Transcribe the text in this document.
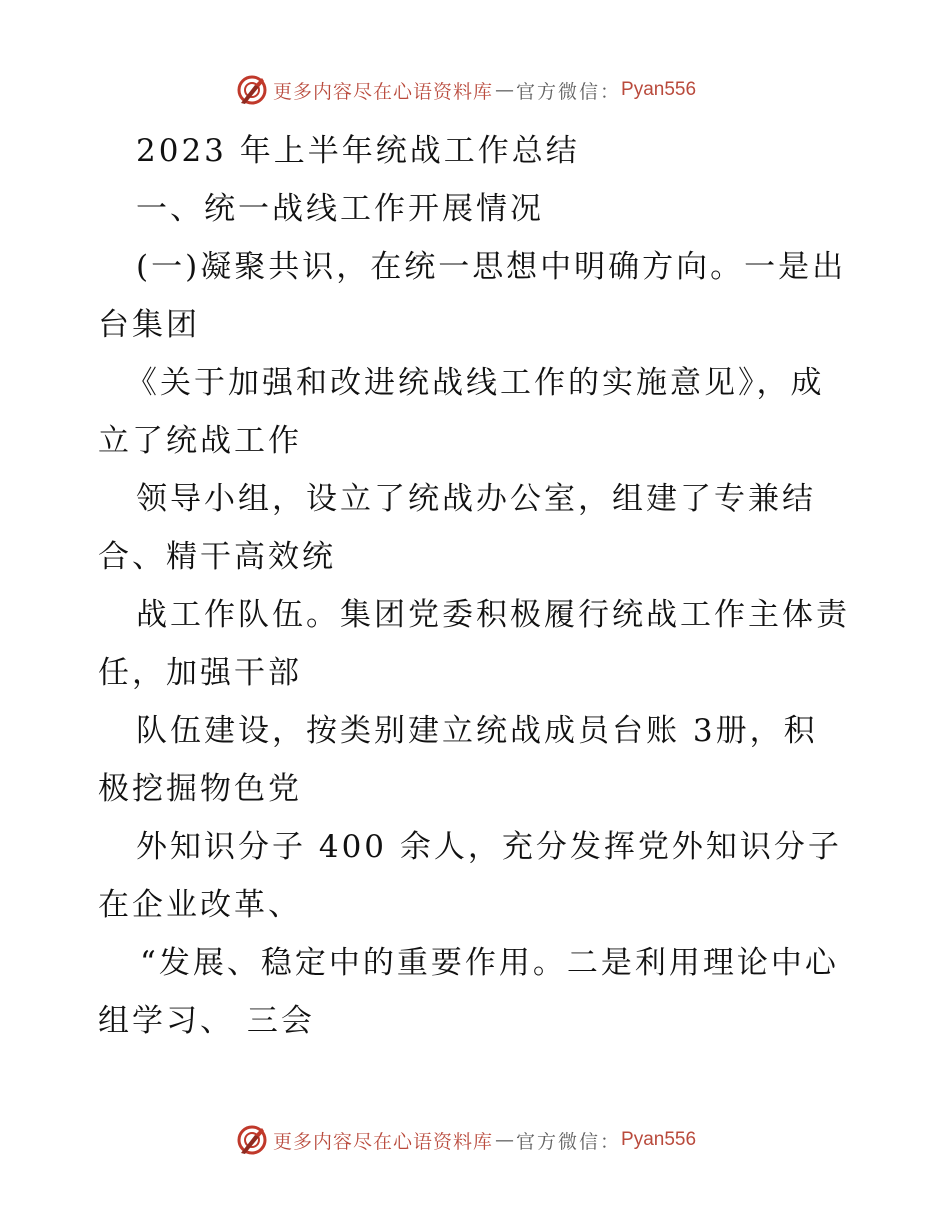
更多内容尽在心语资料库 — 官方微信： Pyan556
2023 年上半年统战工作总结
一、统一战线工作开展情况
(一)凝聚共识，在统一思想中明确方向。一是出
台集团
《关于加强和改进统战线工作的实施意见》，成
立了统战工作
领导小组，设立了统战办公室，组建了专兼结
合、精干高效统
战工作队伍。集团党委积极履行统战工作主体责
任，加强干部
队伍建设，按类别建立统战成员台账 3册，积
极挖掘物色党
外知识分子 400 余人，充分发挥党外知识分子
在企业改革、
“发展、稳定中的重要作用。二是利用理论中心
组学习、 三会
更多内容尽在心语资料库 — 官方微信： Pyan556
